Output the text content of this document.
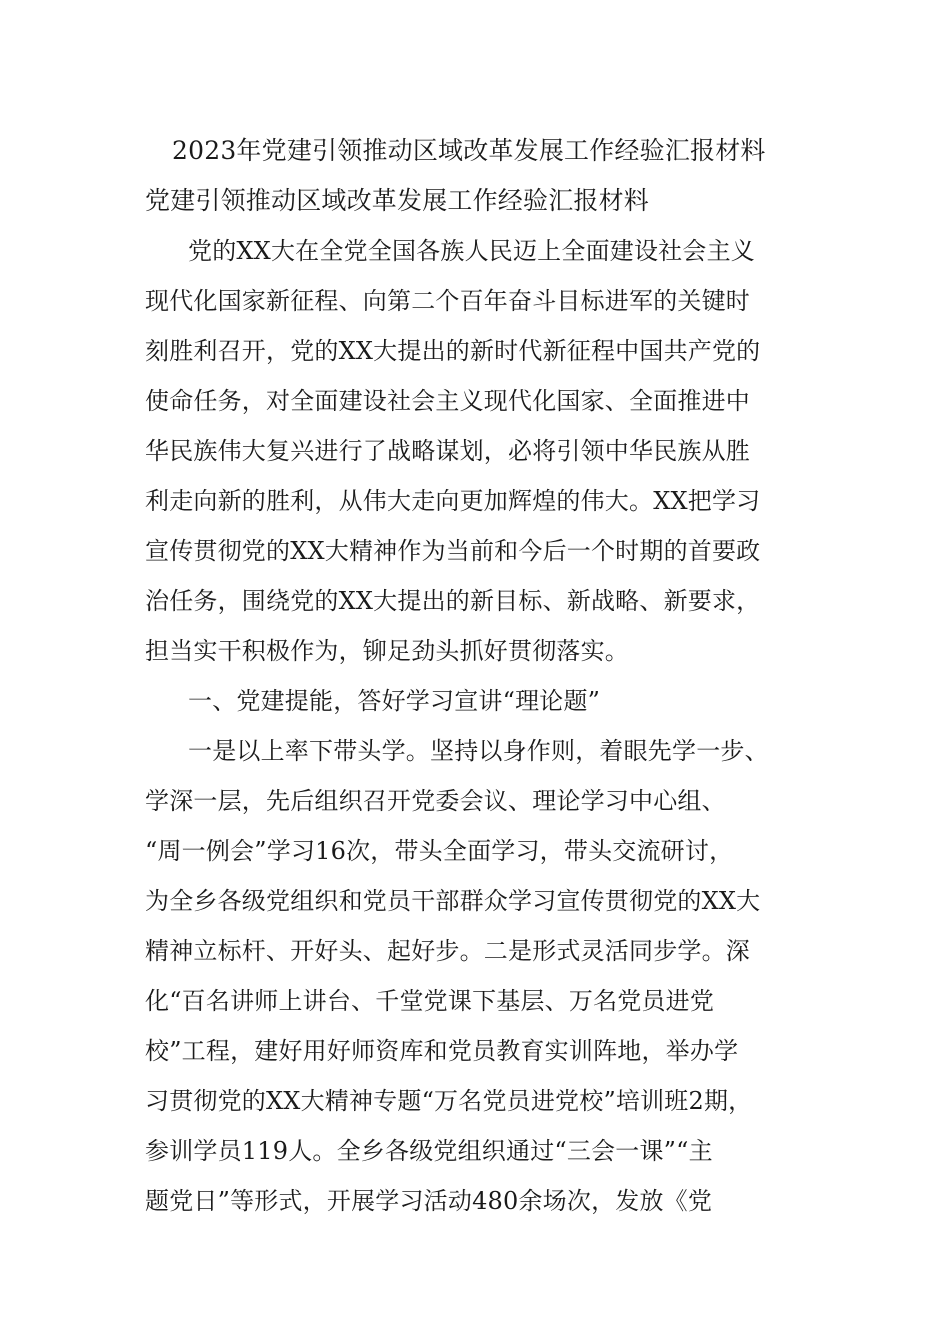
2023年党建引领推动区域改革发展工作经验汇报材料
党建引领推动区域改革发展工作经验汇报材料
党的XX大在全党全国各族人民迈上全面建设社会主义
现代化国家新征程、向第二个百年奋斗目标进军的关键时
刻胜利召开，党的XX大提出的新时代新征程中国共产党的
使命任务，对全面建设社会主义现代化国家、全面推进中
华民族伟大复兴进行了战略谋划，必将引领中华民族从胜
利走向新的胜利，从伟大走向更加辉煌的伟大。XX把学习
宣传贯彻党的XX大精神作为当前和今后一个时期的首要政
治任务，围绕党的XX大提出的新目标、新战略、新要求，
担当实干积极作为，铆足劲头抓好贯彻落实。
一、党建提能，答好学习宣讲“理论题”
一是以上率下带头学。坚持以身作则，着眼先学一步、
学深一层，先后组织召开党委会议、理论学习中心组、
“周一例会”学习16次，带头全面学习，带头交流研讨，
为全乡各级党组织和党员干部群众学习宣传贯彻党的XX大
精神立标杆、开好头、起好步。二是形式灵活同步学。深
化“百名讲师上讲台、千堂党课下基层、万名党员进党
校”工程，建好用好师资库和党员教育实训阵地，举办学
习贯彻党的XX大精神专题“万名党员进党校”培训班2期，
参训学员119人。全乡各级党组织通过“三会一课”“主
题党日”等形式，开展学习活动480余场次，发放《党
